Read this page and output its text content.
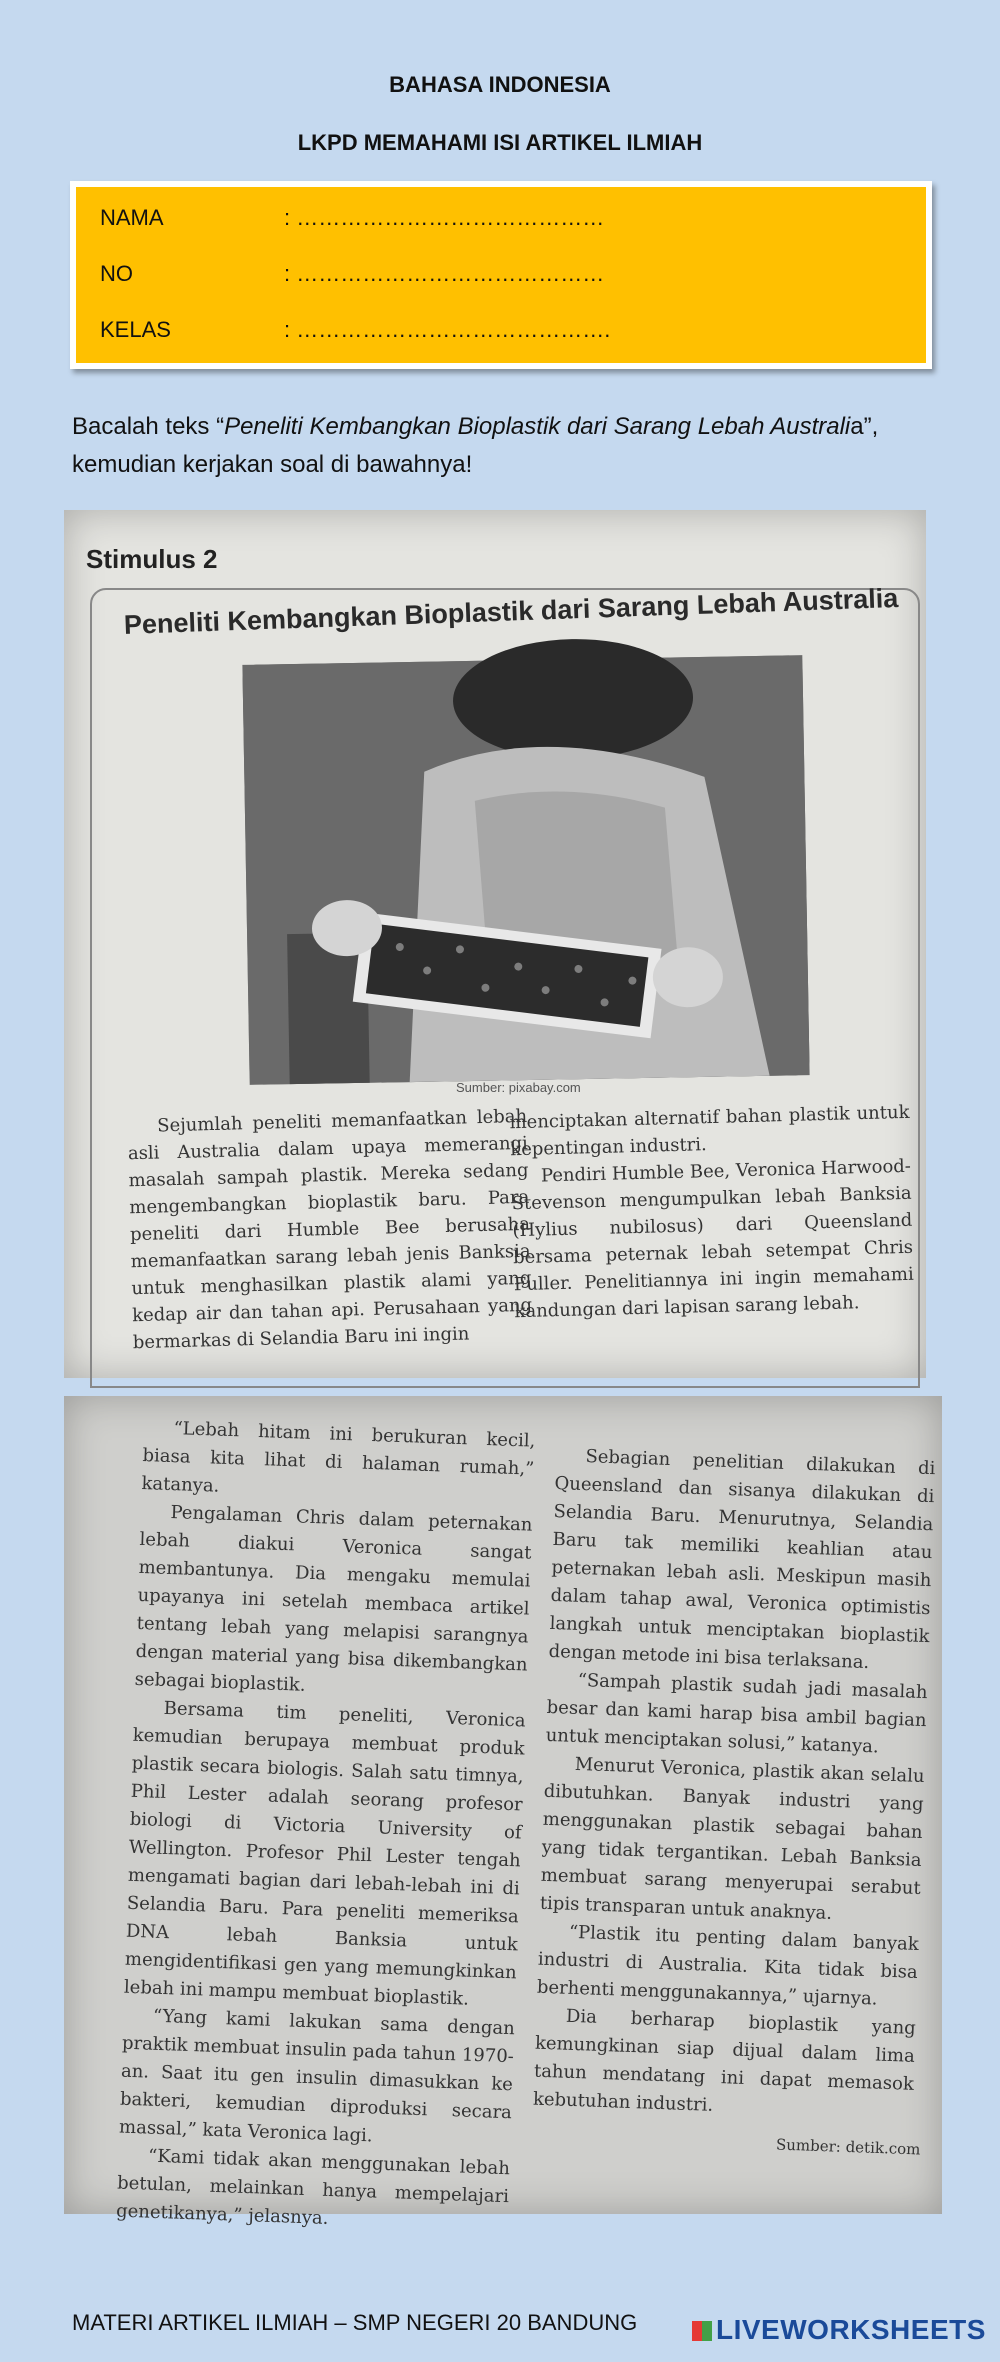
BAHASA INDONESIA
LKPD MEMAHAMI ISI ARTIKEL ILMIAH
NAMA	: ……………………………………
NO	: ……………………………………
KELAS	: …………………………………….
Bacalah teks “Peneliti Kembangkan Bioplastik dari Sarang Lebah Australia”, kemudian kerjakan soal di bawahnya!
Stimulus 2
Peneliti Kembangkan Bioplastik dari Sarang Lebah Australia
Sumber: pixabay.com

Sejumlah peneliti memanfaatkan lebah asli Australia dalam upaya memerangi masalah sampah plastik. Mereka sedang mengembangkan bioplastik baru. Para peneliti dari Humble Bee berusaha memanfaatkan sarang lebah jenis Banksia untuk menghasilkan plastik alami yang kedap air dan tahan api. Perusahaan yang bermarkas di Selandia Baru ini ingin

menciptakan alternatif bahan plastik untuk kepentingan industri.

Pendiri Humble Bee, Veronica Harwood-Stevenson mengumpulkan lebah Banksia (Hylius nubilosus) dari Queensland bersama peternak lebah setempat Chris Fuller. Penelitiannya ini ingin memahami kandungan dari lapisan sarang lebah.

“Lebah hitam ini berukuran kecil, biasa kita lihat di halaman rumah,” katanya.

Pengalaman Chris dalam peternakan lebah diakui Veronica sangat membantunya. Dia mengaku memulai upayanya ini setelah membaca artikel tentang lebah yang melapisi sarangnya dengan material yang bisa dikembangkan sebagai bioplastik.

Bersama tim peneliti, Veronica kemudian berupaya membuat produk plastik secara biologis. Salah satu timnya, Phil Lester adalah seorang profesor biologi di Victoria University of Wellington. Profesor Phil Lester tengah mengamati bagian dari lebah-lebah ini di Selandia Baru. Para peneliti memeriksa DNA lebah Banksia untuk mengidentifikasi gen yang memungkinkan lebah ini mampu membuat bioplastik.

“Yang kami lakukan sama dengan praktik membuat insulin pada tahun 1970-an. Saat itu gen insulin dimasukkan ke bakteri, kemudian diproduksi secara massal,” kata Veronica lagi.

“Kami tidak akan menggunakan lebah betulan, melainkan hanya mempelajari genetikanya,” jelasnya.

Sebagian penelitian dilakukan di Queensland dan sisanya dilakukan di Selandia Baru. Menurutnya, Selandia Baru tak memiliki keahlian atau peternakan lebah asli. Meskipun masih dalam tahap awal, Veronica optimistis langkah untuk menciptakan bioplastik dengan metode ini bisa terlaksana.

“Sampah plastik sudah jadi masalah besar dan kami harap bisa ambil bagian untuk menciptakan solusi,” katanya.

Menurut Veronica, plastik akan selalu dibutuhkan. Banyak industri yang menggunakan plastik sebagai bahan yang tidak tergantikan. Lebah Banksia membuat sarang menyerupai serabut tipis transparan untuk anaknya.

“Plastik itu penting dalam banyak industri di Australia. Kita tidak bisa berhenti menggunakannya,” ujarnya.

Dia berharap bioplastik yang kemungkinan siap dijual dalam lima tahun mendatang ini dapat memasok kebutuhan industri.

Sumber: detik.com
MATERI ARTIKEL ILMIAH – SMP NEGERI 20 BANDUNG	LIVEWORKSHEETS
